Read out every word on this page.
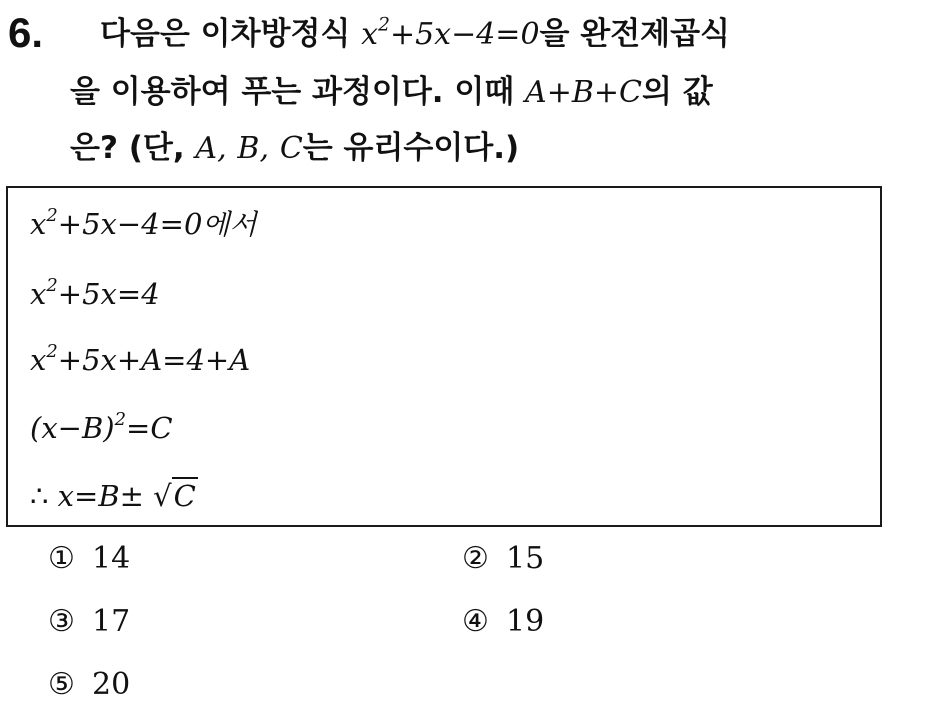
6. 다음은 이차방정식 $x^2+5x-4=0$을 완전제곱식
을 이용하여 푸는 과정이다. 이때 A+B+C의 값
은? (단, A, B, C는 유리수이다.)
$x^2+5x-4=0$에서
$x^2+5x=4$
$x^2+5x+A=4+A$
$(x-B)^2=C$
∴ x=B± √C
① 14	② 15
③ 17	④ 19
⑤ 20
